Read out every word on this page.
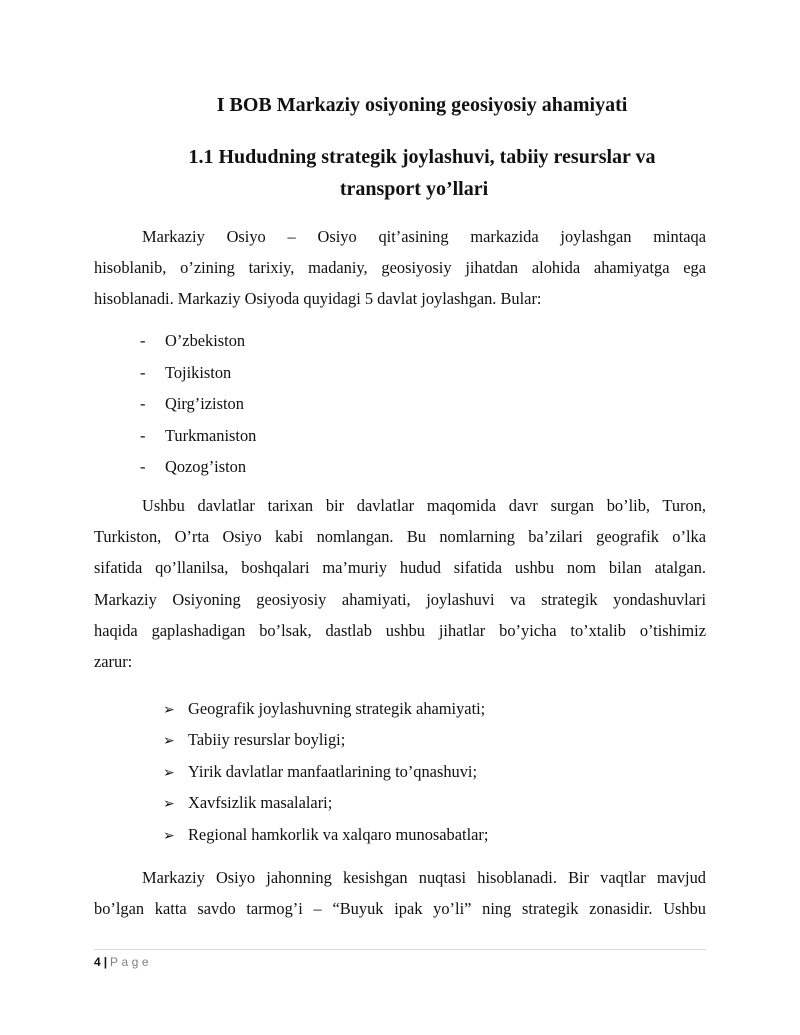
I BOB Markaziy osiyoning geosiyosiy ahamiyati
1.1 Hududning strategik joylashuvi, tabiiy resurslar va
transport yo’llari
Markaziy Osiyo – Osiyo qit’asining markazida joylashgan mintaqa
hisoblanib, o’zining tarixiy, madaniy, geosiyosiy jihatdan alohida ahamiyatga ega
hisoblanadi. Markaziy Osiyoda quyidagi 5 davlat joylashgan. Bular:
- O’zbekiston
- Tojikiston
- Qirg’iziston
- Turkmaniston
- Qozog’iston
Ushbu davlatlar tarixan bir davlatlar maqomida davr surgan bo’lib, Turon,
Turkiston, O’rta Osiyo kabi nomlangan. Bu nomlarning ba’zilari geografik o’lka
sifatida qo’llanilsa, boshqalari ma’muriy hudud sifatida ushbu nom bilan atalgan.
Markaziy Osiyoning geosiyosiy ahamiyati, joylashuvi va strategik yondashuvlari
haqida gaplashadigan bo’lsak, dastlab ushbu jihatlar bo’yicha to’xtalib o’tishimiz
zarur:
➢ Geografik joylashuvning strategik ahamiyati;
➢ Tabiiy resurslar boyligi;
➢ Yirik davlatlar manfaatlarining to’qnashuvi;
➢ Xavfsizlik masalalari;
➢ Regional hamkorlik va xalqaro munosabatlar;
Markaziy Osiyo jahonning kesishgan nuqtasi hisoblanadi. Bir vaqtlar mavjud
bo’lgan katta savdo tarmog’i – “Buyuk ipak yo’li” ning strategik zonasidir. Ushbu
4 | Page
